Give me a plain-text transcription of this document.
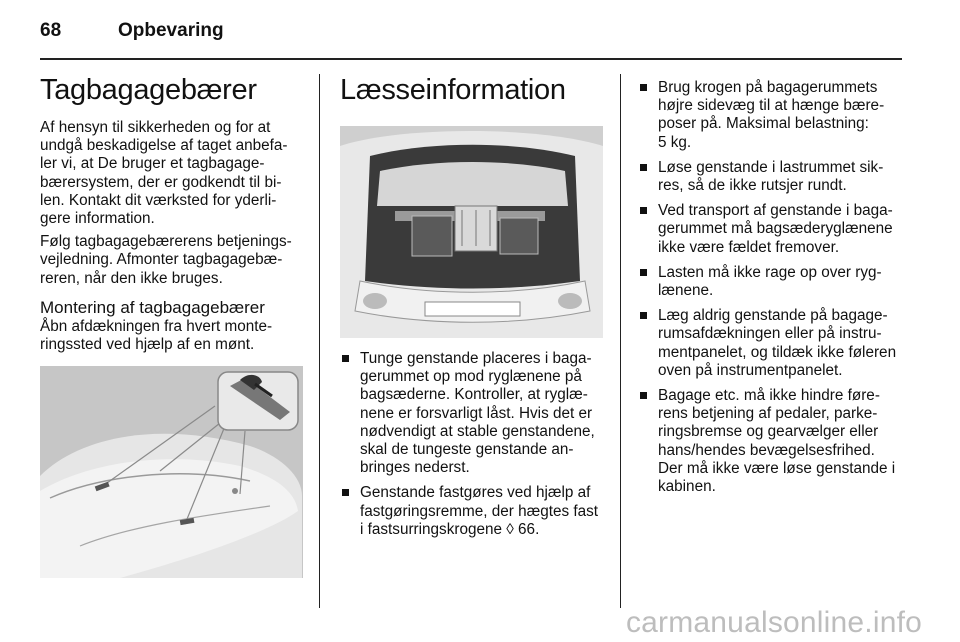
68	Opbevaring
Tagbagagebærer

Af hensyn til sikkerheden og for at
undgå beskadigelse af taget anbefa-
ler vi, at De bruger et tagbagage-
bærersystem, der er godkendt til bi-
len. Kontakt dit værksted for yderli-
gere information.

Følg tagbagagebærerens betjenings-
vejledning. Afmonter tagbagagebæ-
reren, når den ikke bruges.

Montering af tagbagagebærer

Åbn afdækningen fra hvert monte-
ringssted ved hjælp af en mønt.

Læsseinformation
Tunge genstande placeres i baga-
gerummet op mod ryglænene på
bagsæderne. Kontroller, at ryglæ-
nene er forsvarligt låst. Hvis det er
nødvendigt at stable genstandene,
skal de tungeste genstande an-
bringes nederst.
Genstande fastgøres ved hjælp af
fastgøringsremme, der hægtes fast
i fastsurringskrogene ◊ 66.
Brug krogen på bagagerummets
højre sidevæg til at hænge bære-
poser på. Maksimal belastning:
5 kg.
Løse genstande i lastrummet sik-
res, så de ikke rutsjer rundt.
Ved transport af genstande i baga-
gerummet må bagsæderyglænene
ikke være fældet fremover.
Lasten må ikke rage op over ryg-
lænene.
Læg aldrig genstande på bagage-
rumsafdækningen eller på instru-
mentpanelet, og tildæk ikke føleren
oven på instrumentpanelet.
Bagage etc. må ikke hindre føre-
rens betjening af pedaler, parke-
ringsbremse og gearvælger eller
hans/hendes bevægelsesfrihed.
Der må ikke være løse genstande i
kabinen.
carmanualsonline.info
